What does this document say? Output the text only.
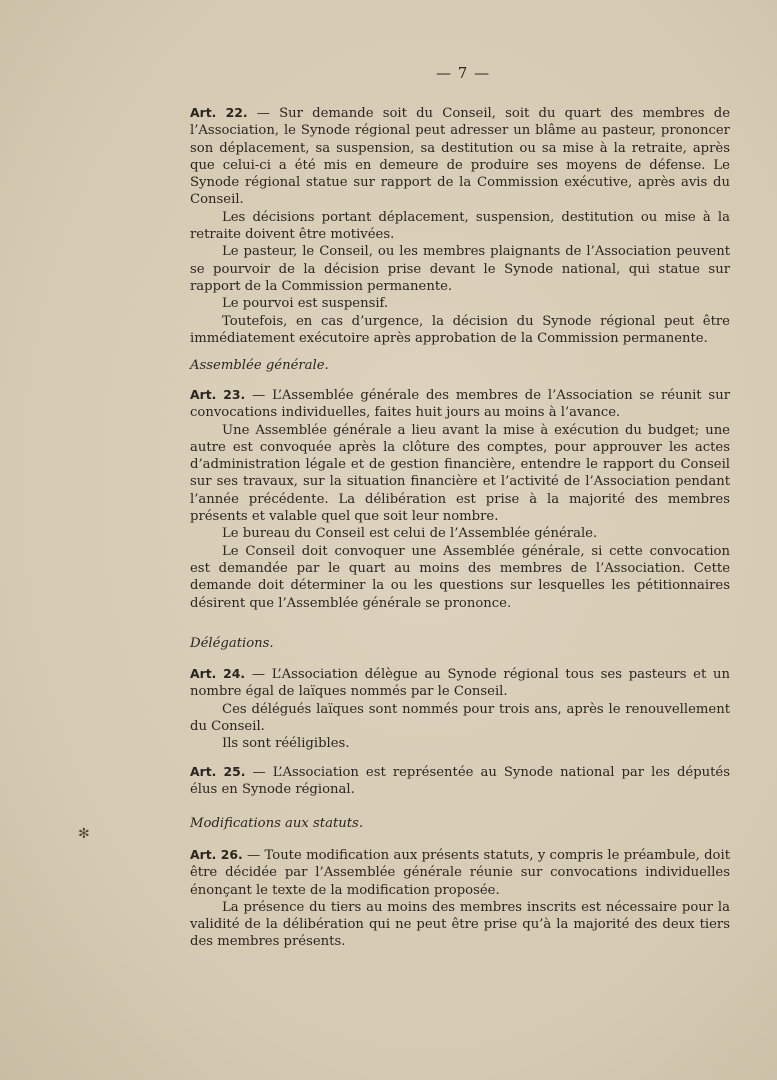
— 7 —

Art. 22. — Sur demande soit du Conseil, soit du quart des membres de l’Association, le Synode régional peut adresser un blâme au pasteur, prononcer son déplacement, sa suspension, sa destitution ou sa mise à la retraite, après que celui-ci a été mis en demeure de produire ses moyens de défense. Le Synode régional statue sur rapport de la Commission exécutive, après avis du Conseil.

Les décisions portant déplacement, suspension, destitution ou mise à la retraite doivent être motivées.

Le pasteur, le Conseil, ou les membres plaignants de l’Association peuvent se pourvoir de la décision prise devant le Synode national, qui statue sur rapport de la Commission permanente.

Le pourvoi est suspensif.

Toutefois, en cas d’urgence, la décision du Synode régional peut être immédiatement exécutoire après approbation de la Commission permanente.

Assemblée générale.

Art. 23. — L’Assemblée générale des membres de l’Association se réunit sur convocations individuelles, faites huit jours au moins à l’avance.

Une Assemblée générale a lieu avant la mise à exécution du budget; une autre est convoquée après la clôture des comptes, pour approuver les actes d’administration légale et de gestion financière, entendre le rapport du Conseil sur ses travaux, sur la situation financière et l’activité de l’Association pendant l’année précédente. La délibération est prise à la majorité des membres présents et valable quel que soit leur nombre.

Le bureau du Conseil est celui de l’Assemblée générale.

Le Conseil doit convoquer une Assemblée générale, si cette convocation est demandée par le quart au moins des membres de l’Association. Cette demande doit déterminer la ou les questions sur lesquelles les pétitionnaires désirent que l’Assemblée générale se prononce.

Délégations.

Art. 24. — L’Association délègue au Synode régional tous ses pasteurs et un nombre égal de laïques nommés par le Conseil.

Ces délégués laïques sont nommés pour trois ans, après le renouvellement du Conseil.

Ils sont rééligibles.

Art. 25. — L’Association est représentée au Synode national par les députés élus en Synode régional.

Modifications aux statuts.

Art. 26. — Toute modification aux présents statuts, y compris le préambule, doit être décidée par l’Assemblée générale réunie sur convocations individuelles énonçant le texte de la modification proposée.

La présence du tiers au moins des membres inscrits est nécessaire pour la validité de la délibération qui ne peut être prise qu’à la majorité des deux tiers des membres présents.

✻
